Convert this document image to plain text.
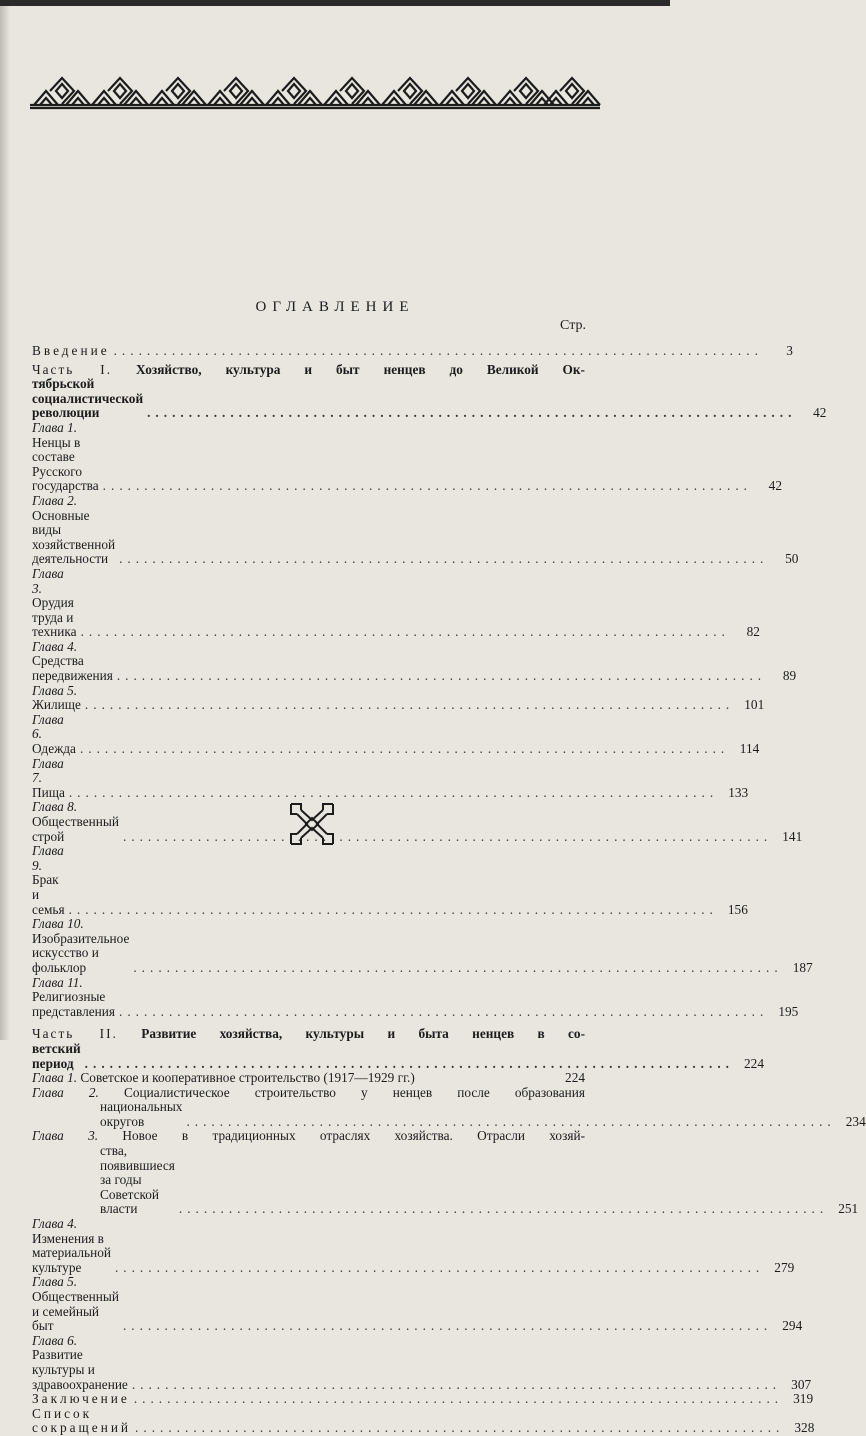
ОГЛАВЛЕНИЕ
Стр.
Введение ..............................................................................	3
Часть I. Хозяйство, культура и быт ненцев до Великой Ок-
тябрьской социалистической революции	..............................................................................	42
Глава 1. Ненцы в составе Русского государства ..............................................................................	42
Глава 2. Основные виды хозяйственной деятельности ..............................................................................	50
Глава 3. Орудия труда и техника ..............................................................................	82
Глава 4. Средства передвижения ..............................................................................	89
Глава 5. Жилище .............................................................................. 101
Глава 6. Одежда .............................................................................. 114
Глава 7. Пища .............................................................................. 133
Глава 8. Общественный строй	.............................................................................. 141
Глава 9. Брак и семья .............................................................................. 156
Глава 10. Изобразительное искусство и фольклор	.............................................................................. 187
Глава 11. Религиозные представления .............................................................................. 195
Часть II. Развитие хозяйства, культуры и быта ненцев в со-
ветский период .............................................................................. 224
Глава 1. Советское и кооперативное строительство (1917—1929 гг.)	224
Глава 2. Социалистическое строительство у ненцев после образования
национальных округов	.............................................................................. 234
Глава 3. Новое в традиционных отраслях хозяйства. Отрасли хозяй-
ства, появившиеся за годы Советской власти	.............................................................................. 251
Глава 4. Изменения в материальной культуре	.............................................................................. 279
Глава 5. Общественный и семейный быт	.............................................................................. 294
Глава 6. Развитие культуры и здравоохранение .............................................................................. 307
Заключение .............................................................................. 319
Список сокращений .............................................................................. 328
